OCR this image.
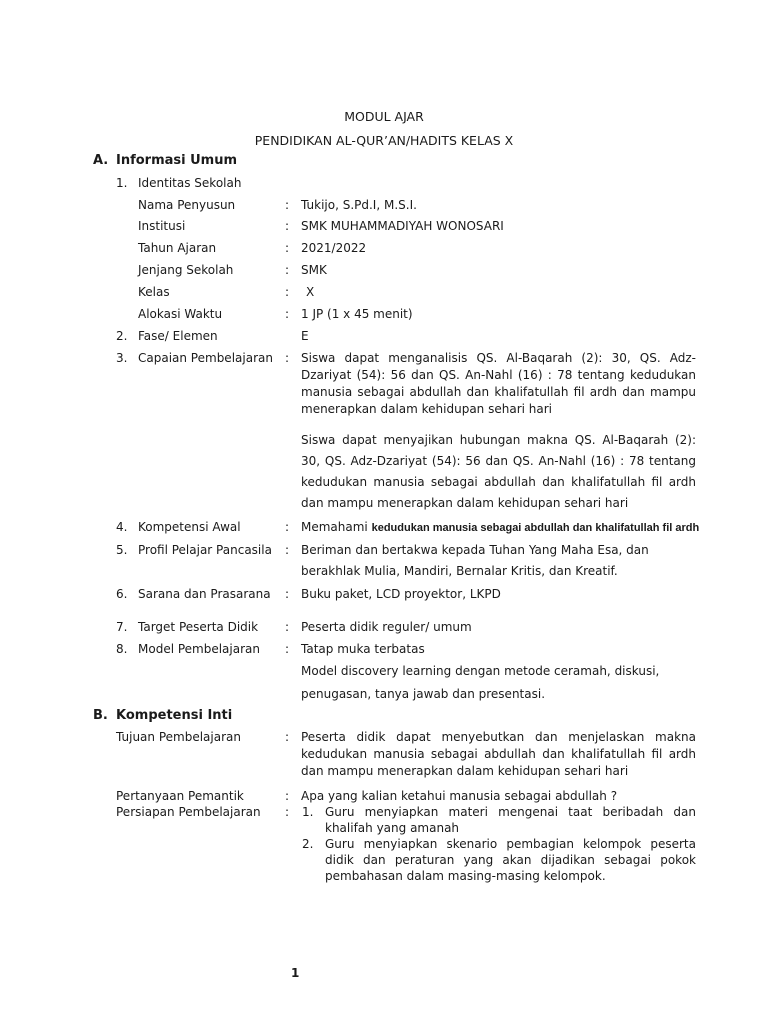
MODUL AJAR
PENDIDIKAN AL-QUR’AN/HADITS KELAS X
A. Informasi Umum
1. Identitas Sekolah
Nama Penyusun	: Tukijo, S.Pd.I, M.S.I.
Institusi	: SMK MUHAMMADIYAH WONOSARI
Tahun Ajaran	: 2021/2022
Jenjang Sekolah	: SMK
Kelas	: X
Alokasi Waktu	: 1 JP (1 x 45 menit)
2. Fase/ Elemen	E
3. Capaian Pembelajaran : Siswa dapat menganalisis QS. Al-Baqarah (2): 30, QS. Adz-Dzariyat (54): 56 dan QS. An-Nahl (16) : 78 tentang kedudukan manusia sebagai abdullah dan khalifatullah fil ardh dan mampu menerapkan dalam kehidupan sehari hari
Siswa dapat menyajikan hubungan makna QS. Al-Baqarah (2): 30, QS. Adz-Dzariyat (54): 56 dan QS. An-Nahl (16) : 78 tentang kedudukan manusia sebagai abdullah dan khalifatullah fil ardh dan mampu menerapkan dalam kehidupan sehari hari
4. Kompetensi Awal	: Memahami kedudukan manusia sebagai abdullah dan khalifatullah fil ardh
5. Profil Pelajar Pancasila : Beriman dan bertakwa kepada Tuhan Yang Maha Esa, dan berakhlak Mulia, Mandiri, Bernalar Kritis, dan Kreatif.
6. Sarana dan Prasarana : Buku paket, LCD proyektor, LKPD
7. Target Peserta Didik : Peserta didik reguler/ umum
8. Model Pembelajaran : Tatap muka terbatas
Model discovery learning dengan metode ceramah, diskusi, penugasan, tanya jawab dan presentasi.
B. Kompetensi Inti
Tujuan Pembelajaran	: Peserta didik dapat menyebutkan dan menjelaskan makna kedudukan manusia sebagai abdullah dan khalifatullah fil ardh dan mampu menerapkan dalam kehidupan sehari hari
Pertanyaan Pemantik	: Apa yang kalian ketahui manusia sebagai abdullah ?
Persiapan Pembelajaran : 1. Guru menyiapkan materi mengenai taat beribadah dan khalifah yang amanah
2. Guru menyiapkan skenario pembagian kelompok peserta didik dan peraturan yang akan dijadikan sebagai pokok pembahasan dalam masing-masing kelompok.
1
